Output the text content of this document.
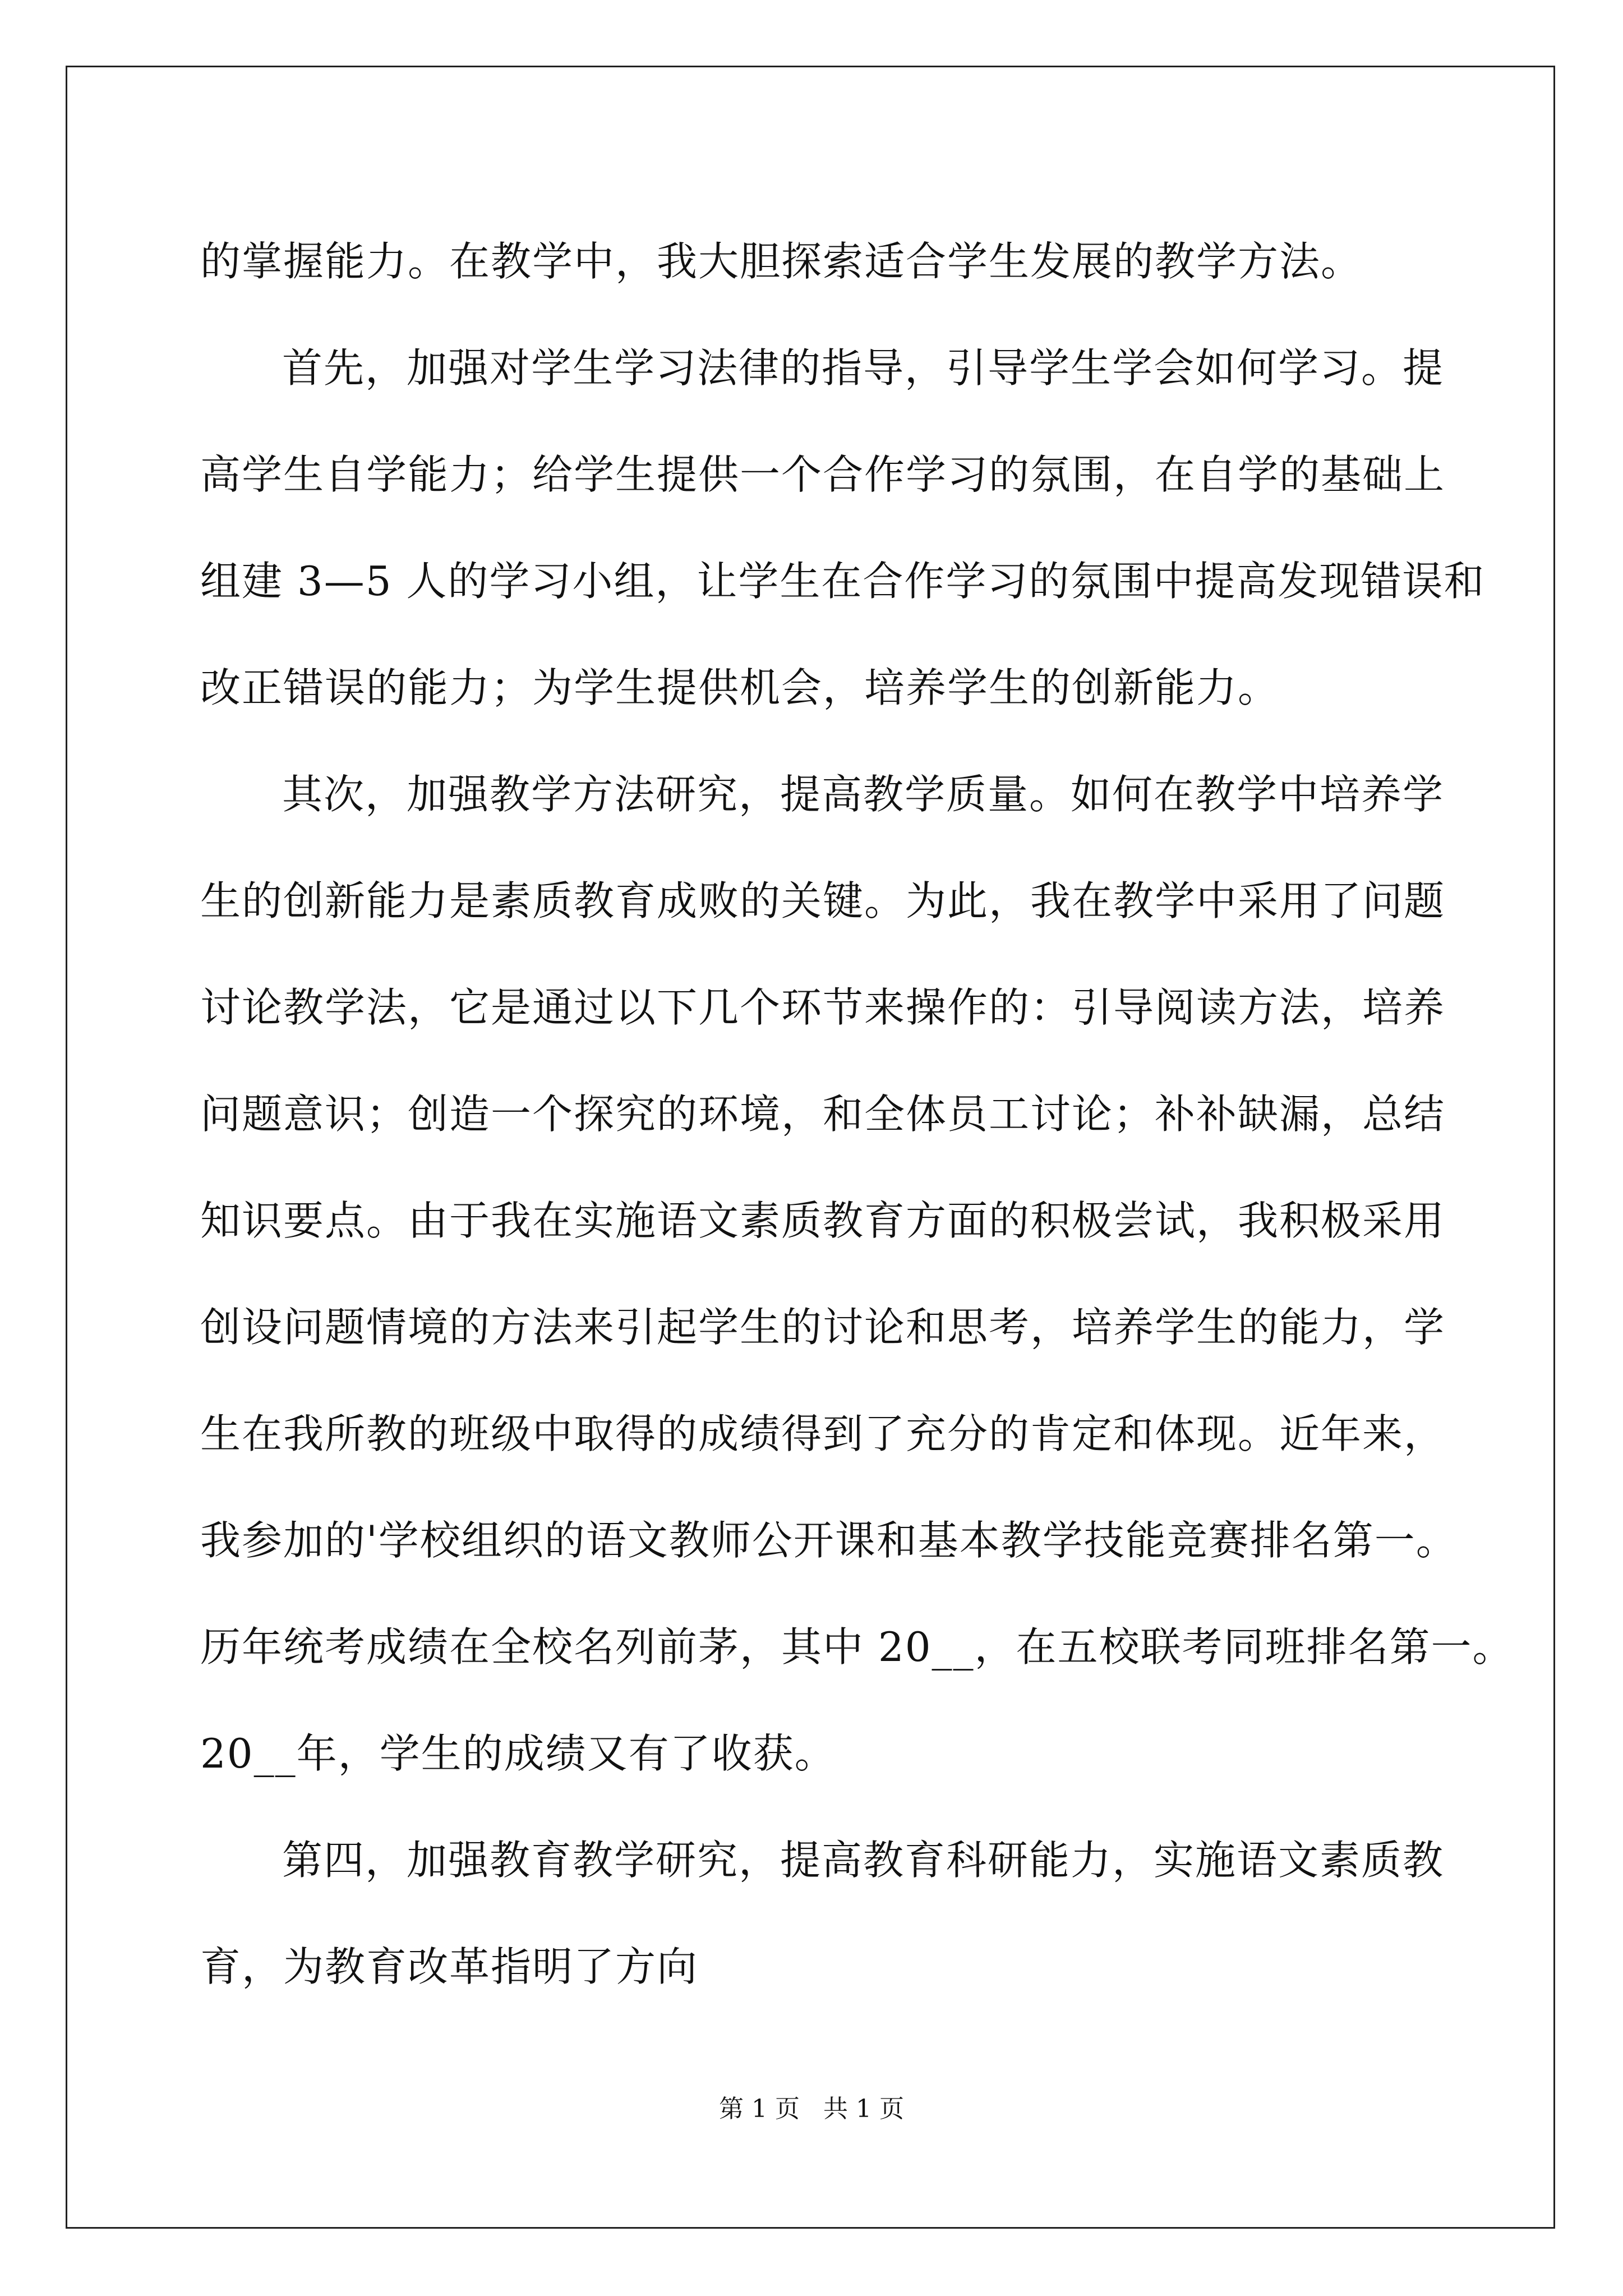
的掌握能力。在教学中，我大胆探索适合学生发展的教学方法。
首先，加强对学生学习法律的指导，引导学生学会如何学习。提
高学生自学能力；给学生提供一个合作学习的氛围，在自学的基础上
组建 3—5 人的学习小组，让学生在合作学习的氛围中提高发现错误和
改正错误的能力；为学生提供机会，培养学生的创新能力。
其次，加强教学方法研究，提高教学质量。如何在教学中培养学
生的创新能力是素质教育成败的关键。为此，我在教学中采用了问题
讨论教学法，它是通过以下几个环节来操作的：引导阅读方法，培养
问题意识；创造一个探究的环境，和全体员工讨论；补补缺漏，总结
知识要点。由于我在实施语文素质教育方面的积极尝试，我积极采用
创设问题情境的方法来引起学生的讨论和思考，培养学生的能力，学
生在我所教的班级中取得的成绩得到了充分的肯定和体现。近年来，
我参加的'学校组织的语文教师公开课和基本教学技能竞赛排名第一。
历年统考成绩在全校名列前茅，其中 20__，在五校联考同班排名第一。
20__年，学生的成绩又有了收获。
第四，加强教育教学研究，提高教育科研能力，实施语文素质教
育，为教育改革指明了方向
第 1 页   共 1 页
